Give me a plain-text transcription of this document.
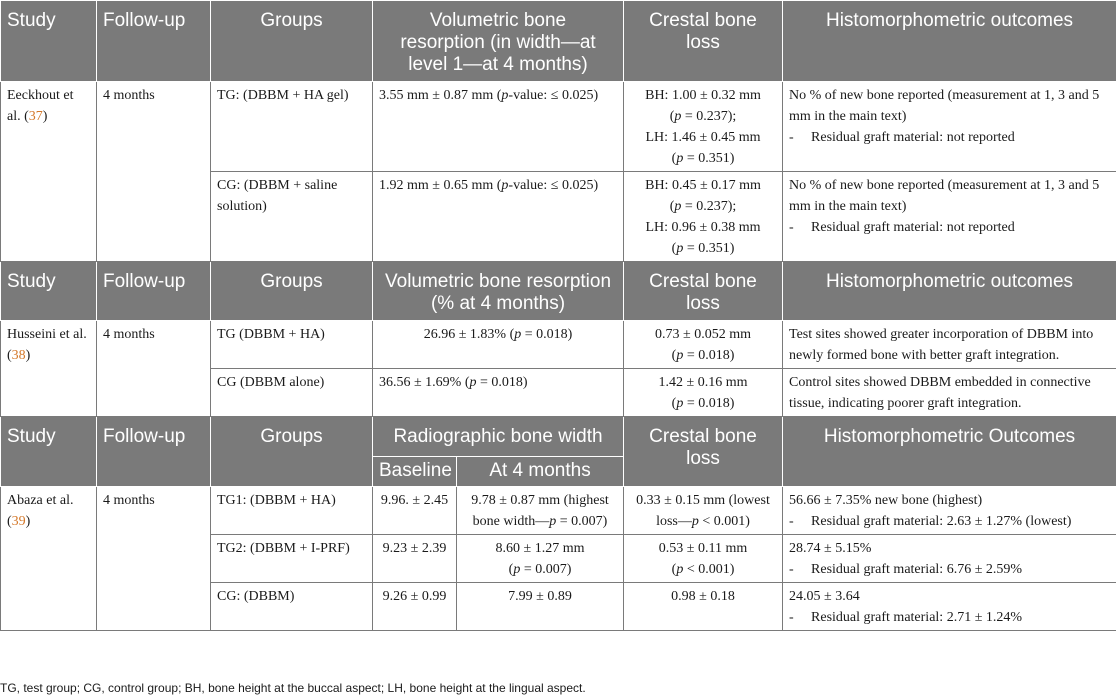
Study	Follow-up	Groups	Volumetric bone resorption (in width—at level 1—at 4 months)		Crestal bone loss	Histomorphometric outcomes
Eeckhout et al. (37)	4 months	TG: (DBBM + HA gel)	3.55 mm ± 0.87 mm (p-value: ≤ 0.025)		BH: 1.00 ± 0.32 mm
(p = 0.237);
LH: 1.46 ± 0.45 mm
(p = 0.351)	No % of new bone reported (measurement at 1, 3 and 5 mm in the main text)
- Residual graft material: not reported

		CG: (DBBM + saline solution)	1.92 mm ± 0.65 mm (p-value: ≤ 0.025)		BH: 0.45 ± 0.17 mm
(p = 0.237);
LH: 0.96 ± 0.38 mm
(p = 0.351)	No % of new bone reported (measurement at 1, 3 and 5 mm in the main text)
- Residual graft material: not reported

Study	Follow-up	Groups	Volumetric bone resorption (% at 4 months)		Crestal bone loss	Histomorphometric outcomes
Husseini et al. (38)	4 months	TG (DBBM + HA)	26.96 ± 1.83% (p = 0.018)		0.73 ± 0.052 mm
(p = 0.018)	Test sites showed greater incorporation of DBBM into newly formed bone with better graft integration.
		CG (DBBM alone)	36.56 ± 1.69% (p = 0.018)		1.42 ± 0.16 mm
(p = 0.018)	Control sites showed DBBM embedded in connective tissue, indicating poorer graft integration.
Study	Follow-up	Groups	Radiographic bone width		Crestal bone loss	Histomorphometric Outcomes
			Baseline	At 4 months		
Abaza et al. (39)	4 months	TG1: (DBBM + HA)	9.96. ± 2.45	9.78 ± 0.87 mm (highest
bone width—p = 0.007)	0.33 ± 0.15 mm (lowest
loss—p < 0.001)	56.66 ± 7.35% new bone (highest)
- Residual graft material: 2.63 ± 1.27% (lowest)

		TG2: (DBBM + I-PRF)	9.23 ± 2.39	8.60 ± 1.27 mm
(p = 0.007)	0.53 ± 0.11 mm
(p < 0.001)	28.74 ± 5.15%
- Residual graft material: 6.76 ± 2.59%

		CG: (DBBM)	9.26 ± 0.99	7.99 ± 0.89	0.98 ± 0.18	24.05 ± 3.64
- Residual graft material: 2.71 ± 1.24%
TG, test group; CG, control group; BH, bone height at the buccal aspect; LH, bone height at the lingual aspect.
